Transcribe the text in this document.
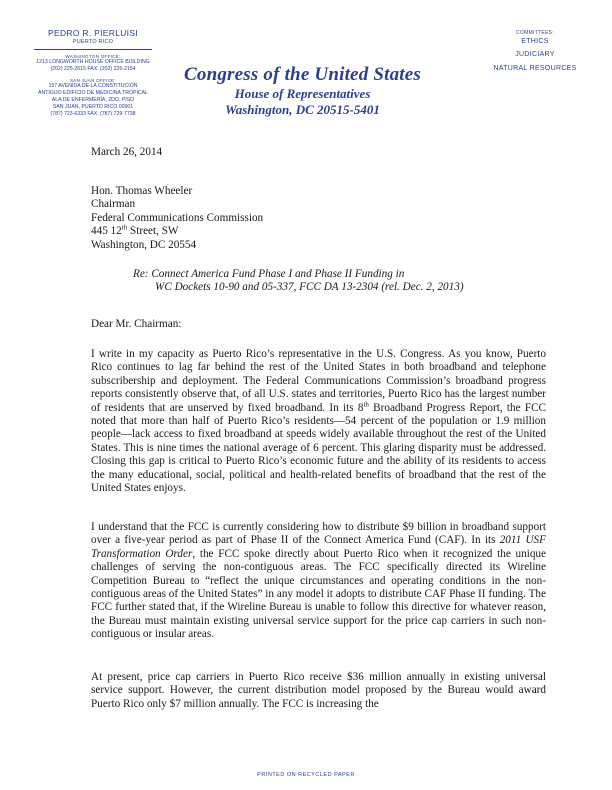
PEDRO R. PIERLUISI
PUERTO RICO
WASHINGTON OFFICE:
1213 LONGWORTH HOUSE OFFICE BUILDING
(202) 225-2615 FAX: (202) 225-2154
SAN JUAN OFFICE:
157 AVENIDA DE LA CONSTITUCIÓN
ANTIGUO EDIFICIO DE MEDICINA TROPICAL
ALA DE ENFERMERÍA, 2DO. PISO
SAN JUAN, PUERTO RICO 00901
(787) 723-6333 FAX: (787) 729-7738
Congress of the United States
House of Representatives
Washington, DC 20515-5401
COMMITTEES:
ETHICS
JUDICIARY
NATURAL RESOURCES
March 26, 2014
Hon. Thomas Wheeler
Chairman
Federal Communications Commission
445 12th Street, SW
Washington, DC 20554
Re: Connect America Fund Phase I and Phase II Funding in
WC Dockets 10-90 and 05-337, FCC DA 13-2304 (rel. Dec. 2, 2013)
Dear Mr. Chairman:
I write in my capacity as Puerto Rico’s representative in the U.S. Congress. As you know, Puerto Rico continues to lag far behind the rest of the United States in both broadband and telephone subscribership and deployment. The Federal Communications Commission’s broadband progress reports consistently observe that, of all U.S. states and territories, Puerto Rico has the largest number of residents that are unserved by fixed broadband. In its 8th Broadband Progress Report, the FCC noted that more than half of Puerto Rico’s residents—54 percent of the population or 1.9 million people—lack access to fixed broadband at speeds widely available throughout the rest of the United States. This is nine times the national average of 6 percent. This glaring disparity must be addressed. Closing this gap is critical to Puerto Rico’s economic future and the ability of its residents to access the many educational, social, political and health-related benefits of broadband that the rest of the United States enjoys.
I understand that the FCC is currently considering how to distribute $9 billion in broadband support over a five-year period as part of Phase II of the Connect America Fund (CAF). In its 2011 USF Transformation Order, the FCC spoke directly about Puerto Rico when it recognized the unique challenges of serving the non-contiguous areas. The FCC specifically directed its Wireline Competition Bureau to “reflect the unique circumstances and operating conditions in the non-contiguous areas of the United States” in any model it adopts to distribute CAF Phase II funding. The FCC further stated that, if the Wireline Bureau is unable to follow this directive for whatever reason, the Bureau must maintain existing universal service support for the price cap carriers in such non-contiguous or insular areas.
At present, price cap carriers in Puerto Rico receive $36 million annually in existing universal service support. However, the current distribution model proposed by the Bureau would award Puerto Rico only $7 million annually. The FCC is increasing the
PRINTED ON RECYCLED PAPER
